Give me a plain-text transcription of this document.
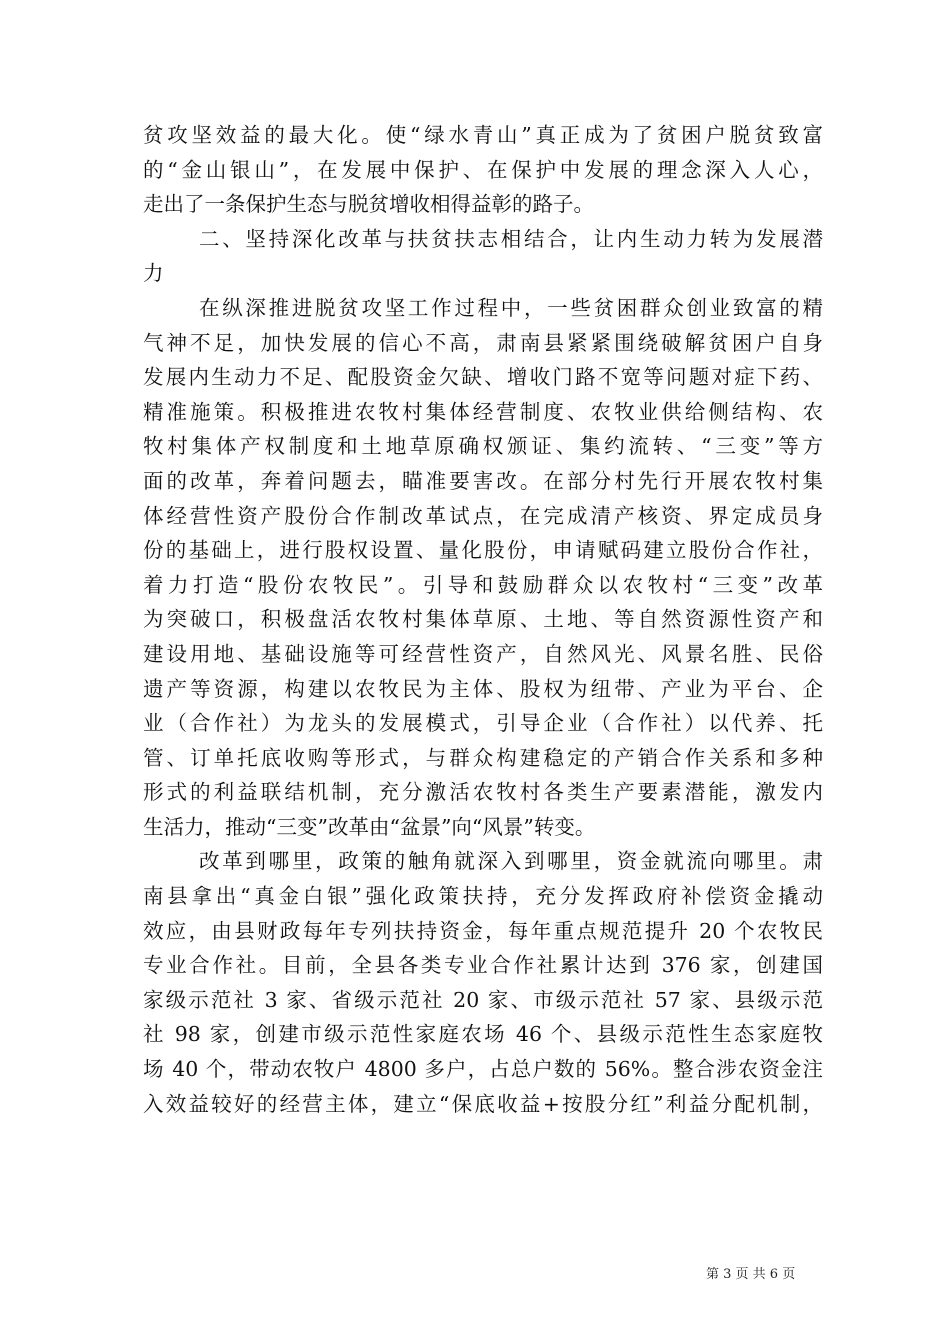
贫攻坚效益的最大化。使“绿水青山”真正成为了贫困户脱贫致富
的“金山银山”，在发展中保护、在保护中发展的理念深入人心，
走出了一条保护生态与脱贫增收相得益彰的路子。
二、坚持深化改革与扶贫扶志相结合，让内生动力转为发展潜
力
在纵深推进脱贫攻坚工作过程中，一些贫困群众创业致富的精
气神不足，加快发展的信心不高，肃南县紧紧围绕破解贫困户自身
发展内生动力不足、配股资金欠缺、增收门路不宽等问题对症下药、
精准施策。积极推进农牧村集体经营制度、农牧业供给侧结构、农
牧村集体产权制度和土地草原确权颁证、集约流转、“三变”等方
面的改革，奔着问题去，瞄准要害改。在部分村先行开展农牧村集
体经营性资产股份合作制改革试点，在完成清产核资、界定成员身
份的基础上，进行股权设置、量化股份，申请赋码建立股份合作社，
着力打造“股份农牧民”。引导和鼓励群众以农牧村“三变”改革
为突破口，积极盘活农牧村集体草原、土地、等自然资源性资产和
建设用地、基础设施等可经营性资产，自然风光、风景名胜、民俗
遗产等资源，构建以农牧民为主体、股权为纽带、产业为平台、企
业（合作社）为龙头的发展模式，引导企业（合作社）以代养、托
管、订单托底收购等形式，与群众构建稳定的产销合作关系和多种
形式的利益联结机制，充分激活农牧村各类生产要素潜能，激发内
生活力，推动“三变”改革由“盆景”向“风景”转变。
改革到哪里，政策的触角就深入到哪里，资金就流向哪里。肃
南县拿出“真金白银”强化政策扶持，充分发挥政府补偿资金撬动
效应，由县财政每年专列扶持资金，每年重点规范提升 20 个农牧民
专业合作社。目前，全县各类专业合作社累计达到 376 家，创建国
家级示范社 3 家、省级示范社 20 家、市级示范社 57 家、县级示范
社 98 家，创建市级示范性家庭农场 46 个、县级示范性生态家庭牧
场 40 个，带动农牧户 4800 多户，占总户数的 56%。整合涉农资金注
入效益较好的经营主体，建立“保底收益+按股分红”利益分配机制，
第 3 页 共 6 页
